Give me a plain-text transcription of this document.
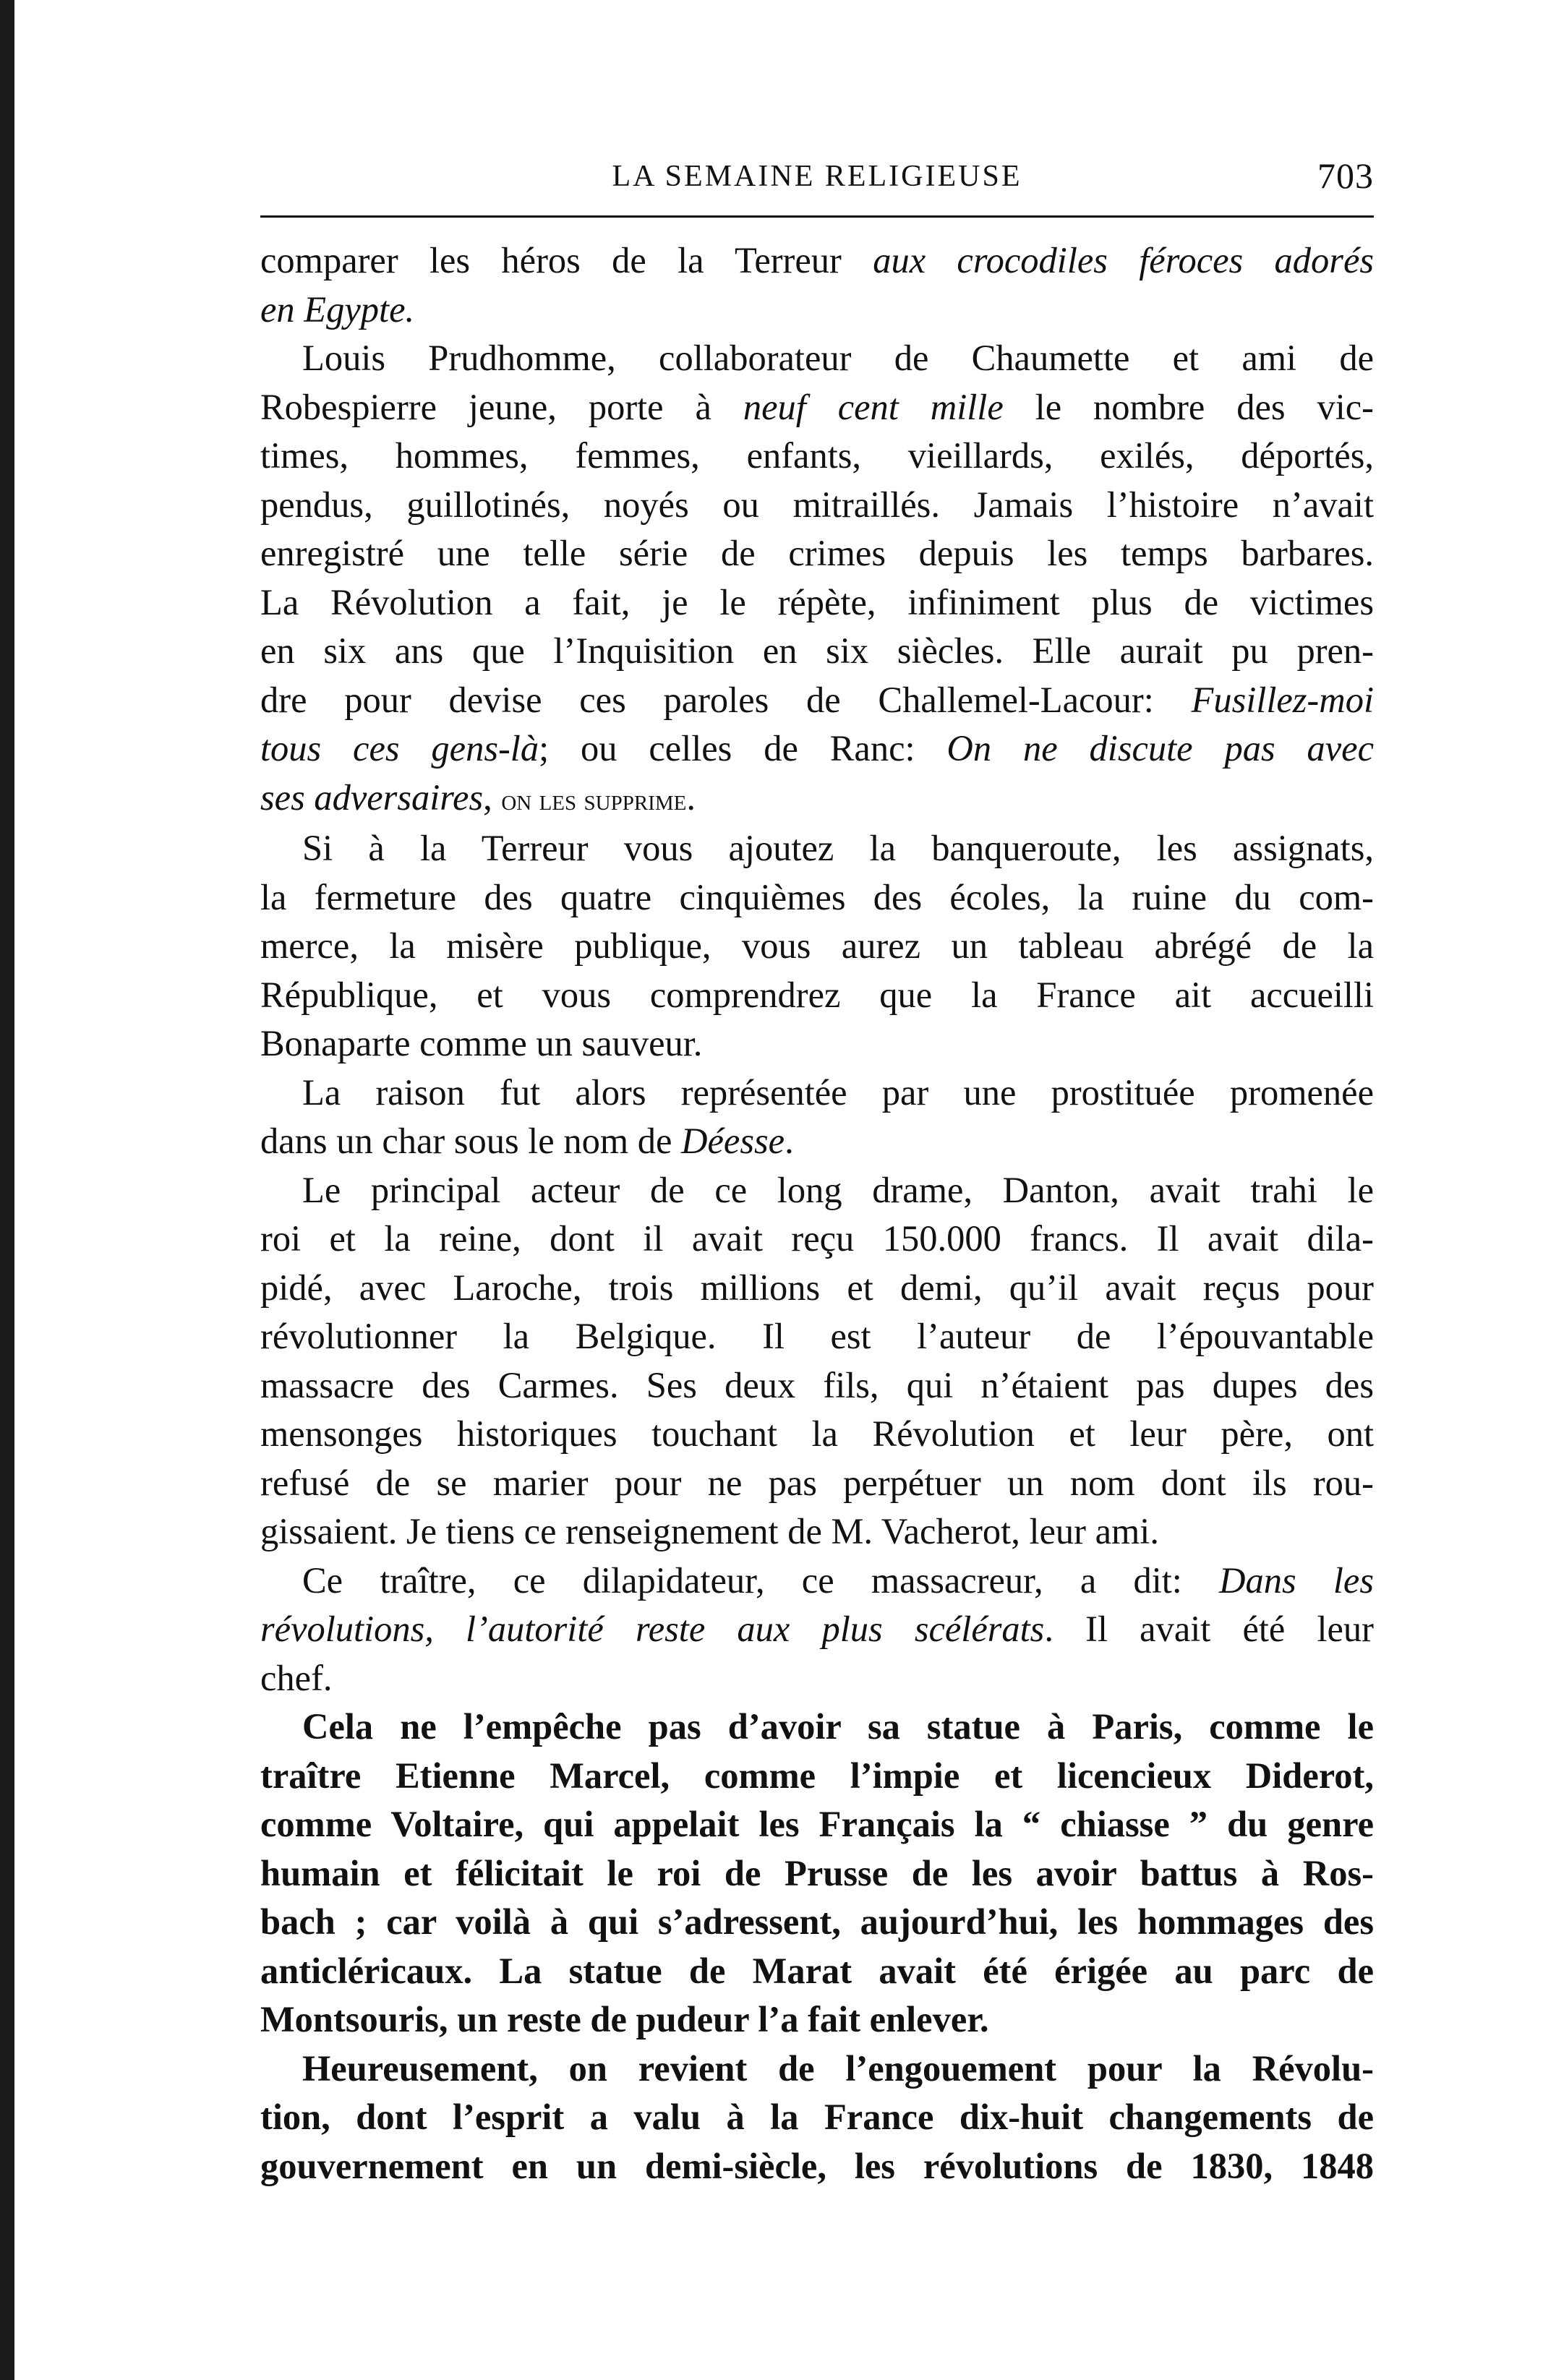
LA SEMAINE RELIGIEUSE	703
comparer les héros de la Terreur aux crocodiles féroces adorés
en Egypte.
Louis Prudhomme, collaborateur de Chaumette et ami de
Robespierre jeune, porte à neuf cent mille le nombre des vic-
times, hommes, femmes, enfants, vieillards, exilés, déportés,
pendus, guillotinés, noyés ou mitraillés. Jamais l’histoire n’avait
enregistré une telle série de crimes depuis les temps barbares.
La Révolution a fait, je le répète, infiniment plus de victimes
en six ans que l’Inquisition en six siècles. Elle aurait pu pren-
dre pour devise ces paroles de Challemel-Lacour: Fusillez-moi
tous ces gens-là; ou celles de Ranc: On ne discute pas avec
ses adversaires, on les supprime.
Si à la Terreur vous ajoutez la banqueroute, les assignats,
la fermeture des quatre cinquièmes des écoles, la ruine du com-
merce, la misère publique, vous aurez un tableau abrégé de la
République, et vous comprendrez que la France ait accueilli
Bonaparte comme un sauveur.
La raison fut alors représentée par une prostituée promenée
dans un char sous le nom de Déesse.
Le principal acteur de ce long drame, Danton, avait trahi le
roi et la reine, dont il avait reçu 150.000 francs. Il avait dila-
pidé, avec Laroche, trois millions et demi, qu’il avait reçus pour
révolutionner la Belgique. Il est l’auteur de l’épouvantable
massacre des Carmes. Ses deux fils, qui n’étaient pas dupes des
mensonges historiques touchant la Révolution et leur père, ont
refusé de se marier pour ne pas perpétuer un nom dont ils rou-
gissaient. Je tiens ce renseignement de M. Vacherot, leur ami.
Ce traître, ce dilapidateur, ce massacreur, a dit: Dans les
révolutions, l’autorité reste aux plus scélérats. Il avait été leur
chef.
Cela ne l’empêche pas d’avoir sa statue à Paris, comme le
traître Etienne Marcel, comme l’impie et licencieux Diderot,
comme Voltaire, qui appelait les Français la “ chiasse ” du genre
humain et félicitait le roi de Prusse de les avoir battus à Ros-
bach ; car voilà à qui s’adressent, aujourd’hui, les hommages des
anticléricaux. La statue de Marat avait été érigée au parc de
Montsouris, un reste de pudeur l’a fait enlever.
Heureusement, on revient de l’engouement pour la Révolu-
tion, dont l’esprit a valu à la France dix-huit changements de
gouvernement en un demi-siècle, les révolutions de 1830, 1848
